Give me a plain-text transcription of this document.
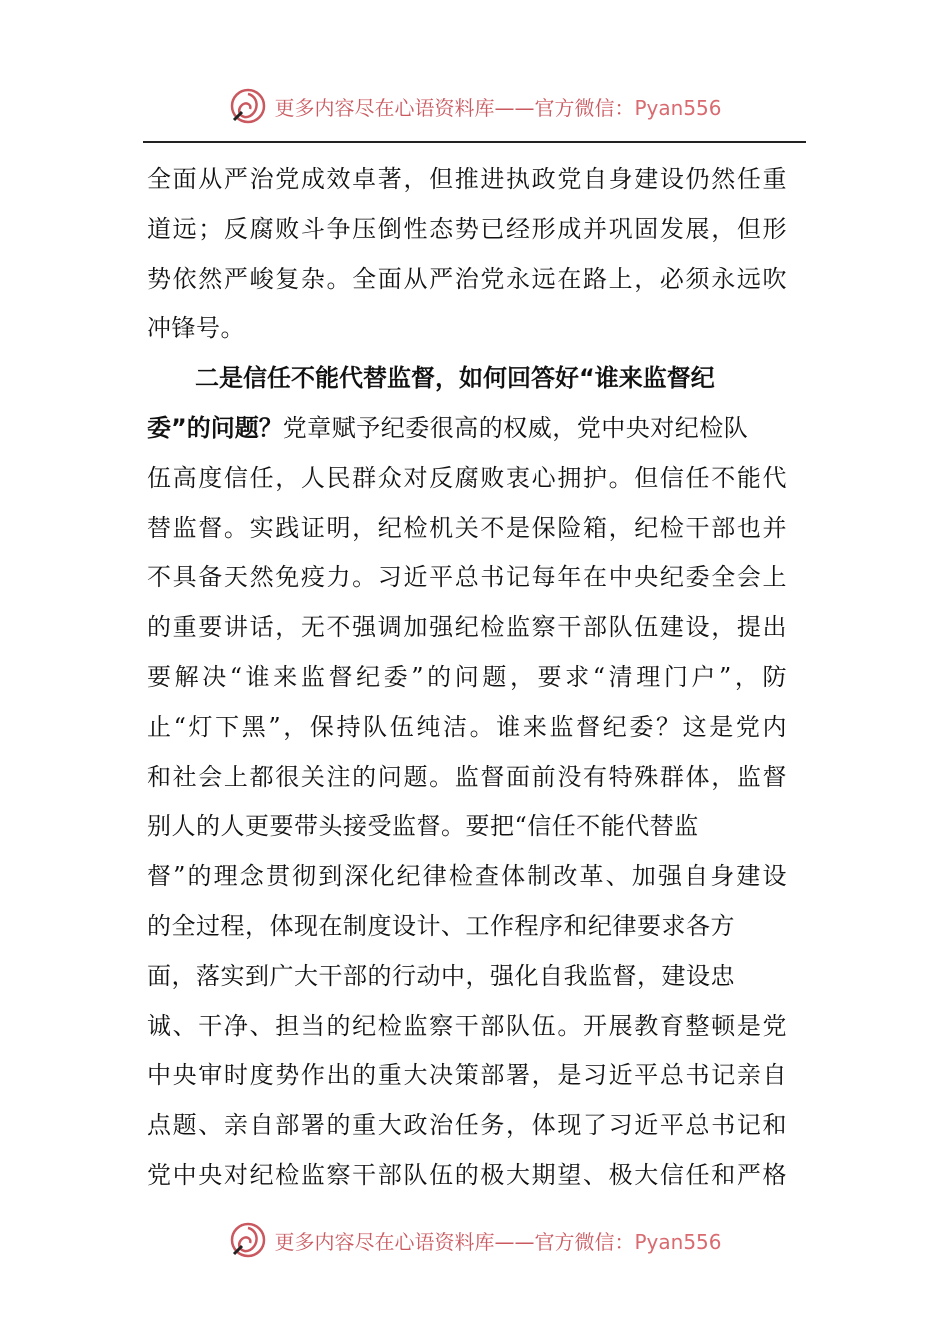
更多内容尽在心语资料库——官方微信：Pyan556
全面从严治党成效卓著，但推进执政党自身建设仍然任重
道远；反腐败斗争压倒性态势已经形成并巩固发展，但形
势依然严峻复杂。全面从严治党永远在路上，必须永远吹
冲锋号。
二是信任不能代替监督，如何回答好“谁来监督纪
委”的问题？党章赋予纪委很高的权威，党中央对纪检队
伍高度信任，人民群众对反腐败衷心拥护。但信任不能代
替监督。实践证明，纪检机关不是保险箱，纪检干部也并
不具备天然免疫力。习近平总书记每年在中央纪委全会上
的重要讲话，无不强调加强纪检监察干部队伍建设，提出
要解决“谁来监督纪委”的问题，要求“清理门户”，防
止“灯下黑”，保持队伍纯洁。谁来监督纪委？这是党内
和社会上都很关注的问题。监督面前没有特殊群体，监督
别人的人更要带头接受监督。要把“信任不能代替监
督”的理念贯彻到深化纪律检查体制改革、加强自身建设
的全过程，体现在制度设计、工作程序和纪律要求各方
面，落实到广大干部的行动中，强化自我监督，建设忠
诚、干净、担当的纪检监察干部队伍。开展教育整顿是党
中央审时度势作出的重大决策部署，是习近平总书记亲自
点题、亲自部署的重大政治任务，体现了习近平总书记和
党中央对纪检监察干部队伍的极大期望、极大信任和严格
更多内容尽在心语资料库——官方微信：Pyan556
